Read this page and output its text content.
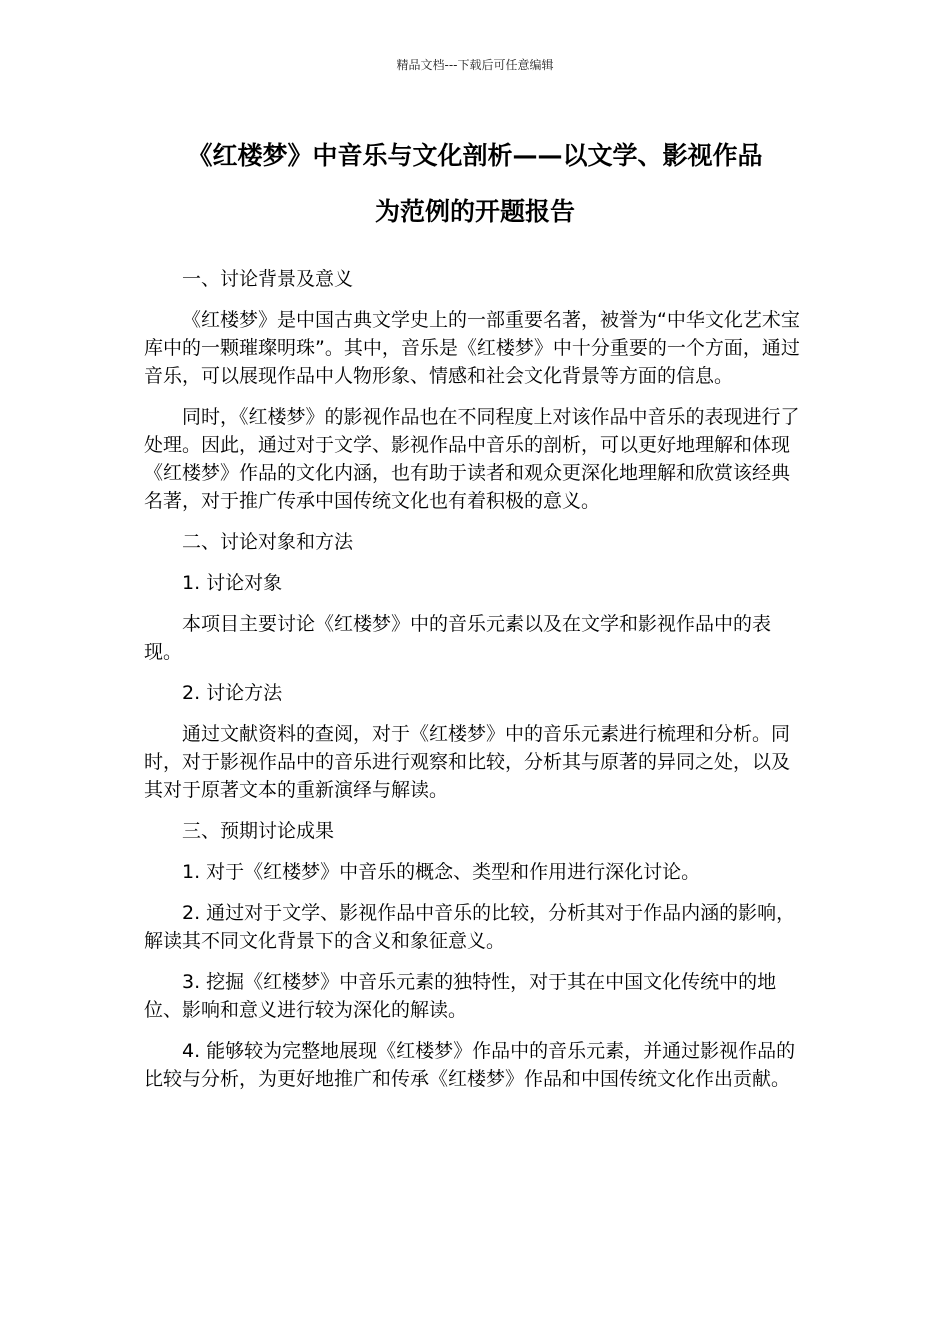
精品文档---下载后可任意编辑
《红楼梦》中音乐与文化剖析——以文学、影视作品
为范例的开题报告

一、讨论背景及意义

《红楼梦》是中国古典文学史上的一部重要名著，被誉为“中华文化艺术宝库中的一颗璀璨明珠”。其中，音乐是《红楼梦》中十分重要的一个方面，通过音乐，可以展现作品中人物形象、情感和社会文化背景等方面的信息。

同时，《红楼梦》的影视作品也在不同程度上对该作品中音乐的表现进行了处理。因此，通过对于文学、影视作品中音乐的剖析，可以更好地理解和体现《红楼梦》作品的文化内涵，也有助于读者和观众更深化地理解和欣赏该经典名著，对于推广传承中国传统文化也有着积极的意义。

二、讨论对象和方法

1. 讨论对象

本项目主要讨论《红楼梦》中的音乐元素以及在文学和影视作品中的表现。

2. 讨论方法

通过文献资料的查阅，对于《红楼梦》中的音乐元素进行梳理和分析。同时，对于影视作品中的音乐进行观察和比较，分析其与原著的异同之处，以及其对于原著文本的重新演绎与解读。

三、预期讨论成果

1. 对于《红楼梦》中音乐的概念、类型和作用进行深化讨论。

2. 通过对于文学、影视作品中音乐的比较，分析其对于作品内涵的影响，解读其不同文化背景下的含义和象征意义。

3. 挖掘《红楼梦》中音乐元素的独特性，对于其在中国文化传统中的地位、影响和意义进行较为深化的解读。

4. 能够较为完整地展现《红楼梦》作品中的音乐元素，并通过影视作品的比较与分析，为更好地推广和传承《红楼梦》作品和中国传统文化作出贡献。
